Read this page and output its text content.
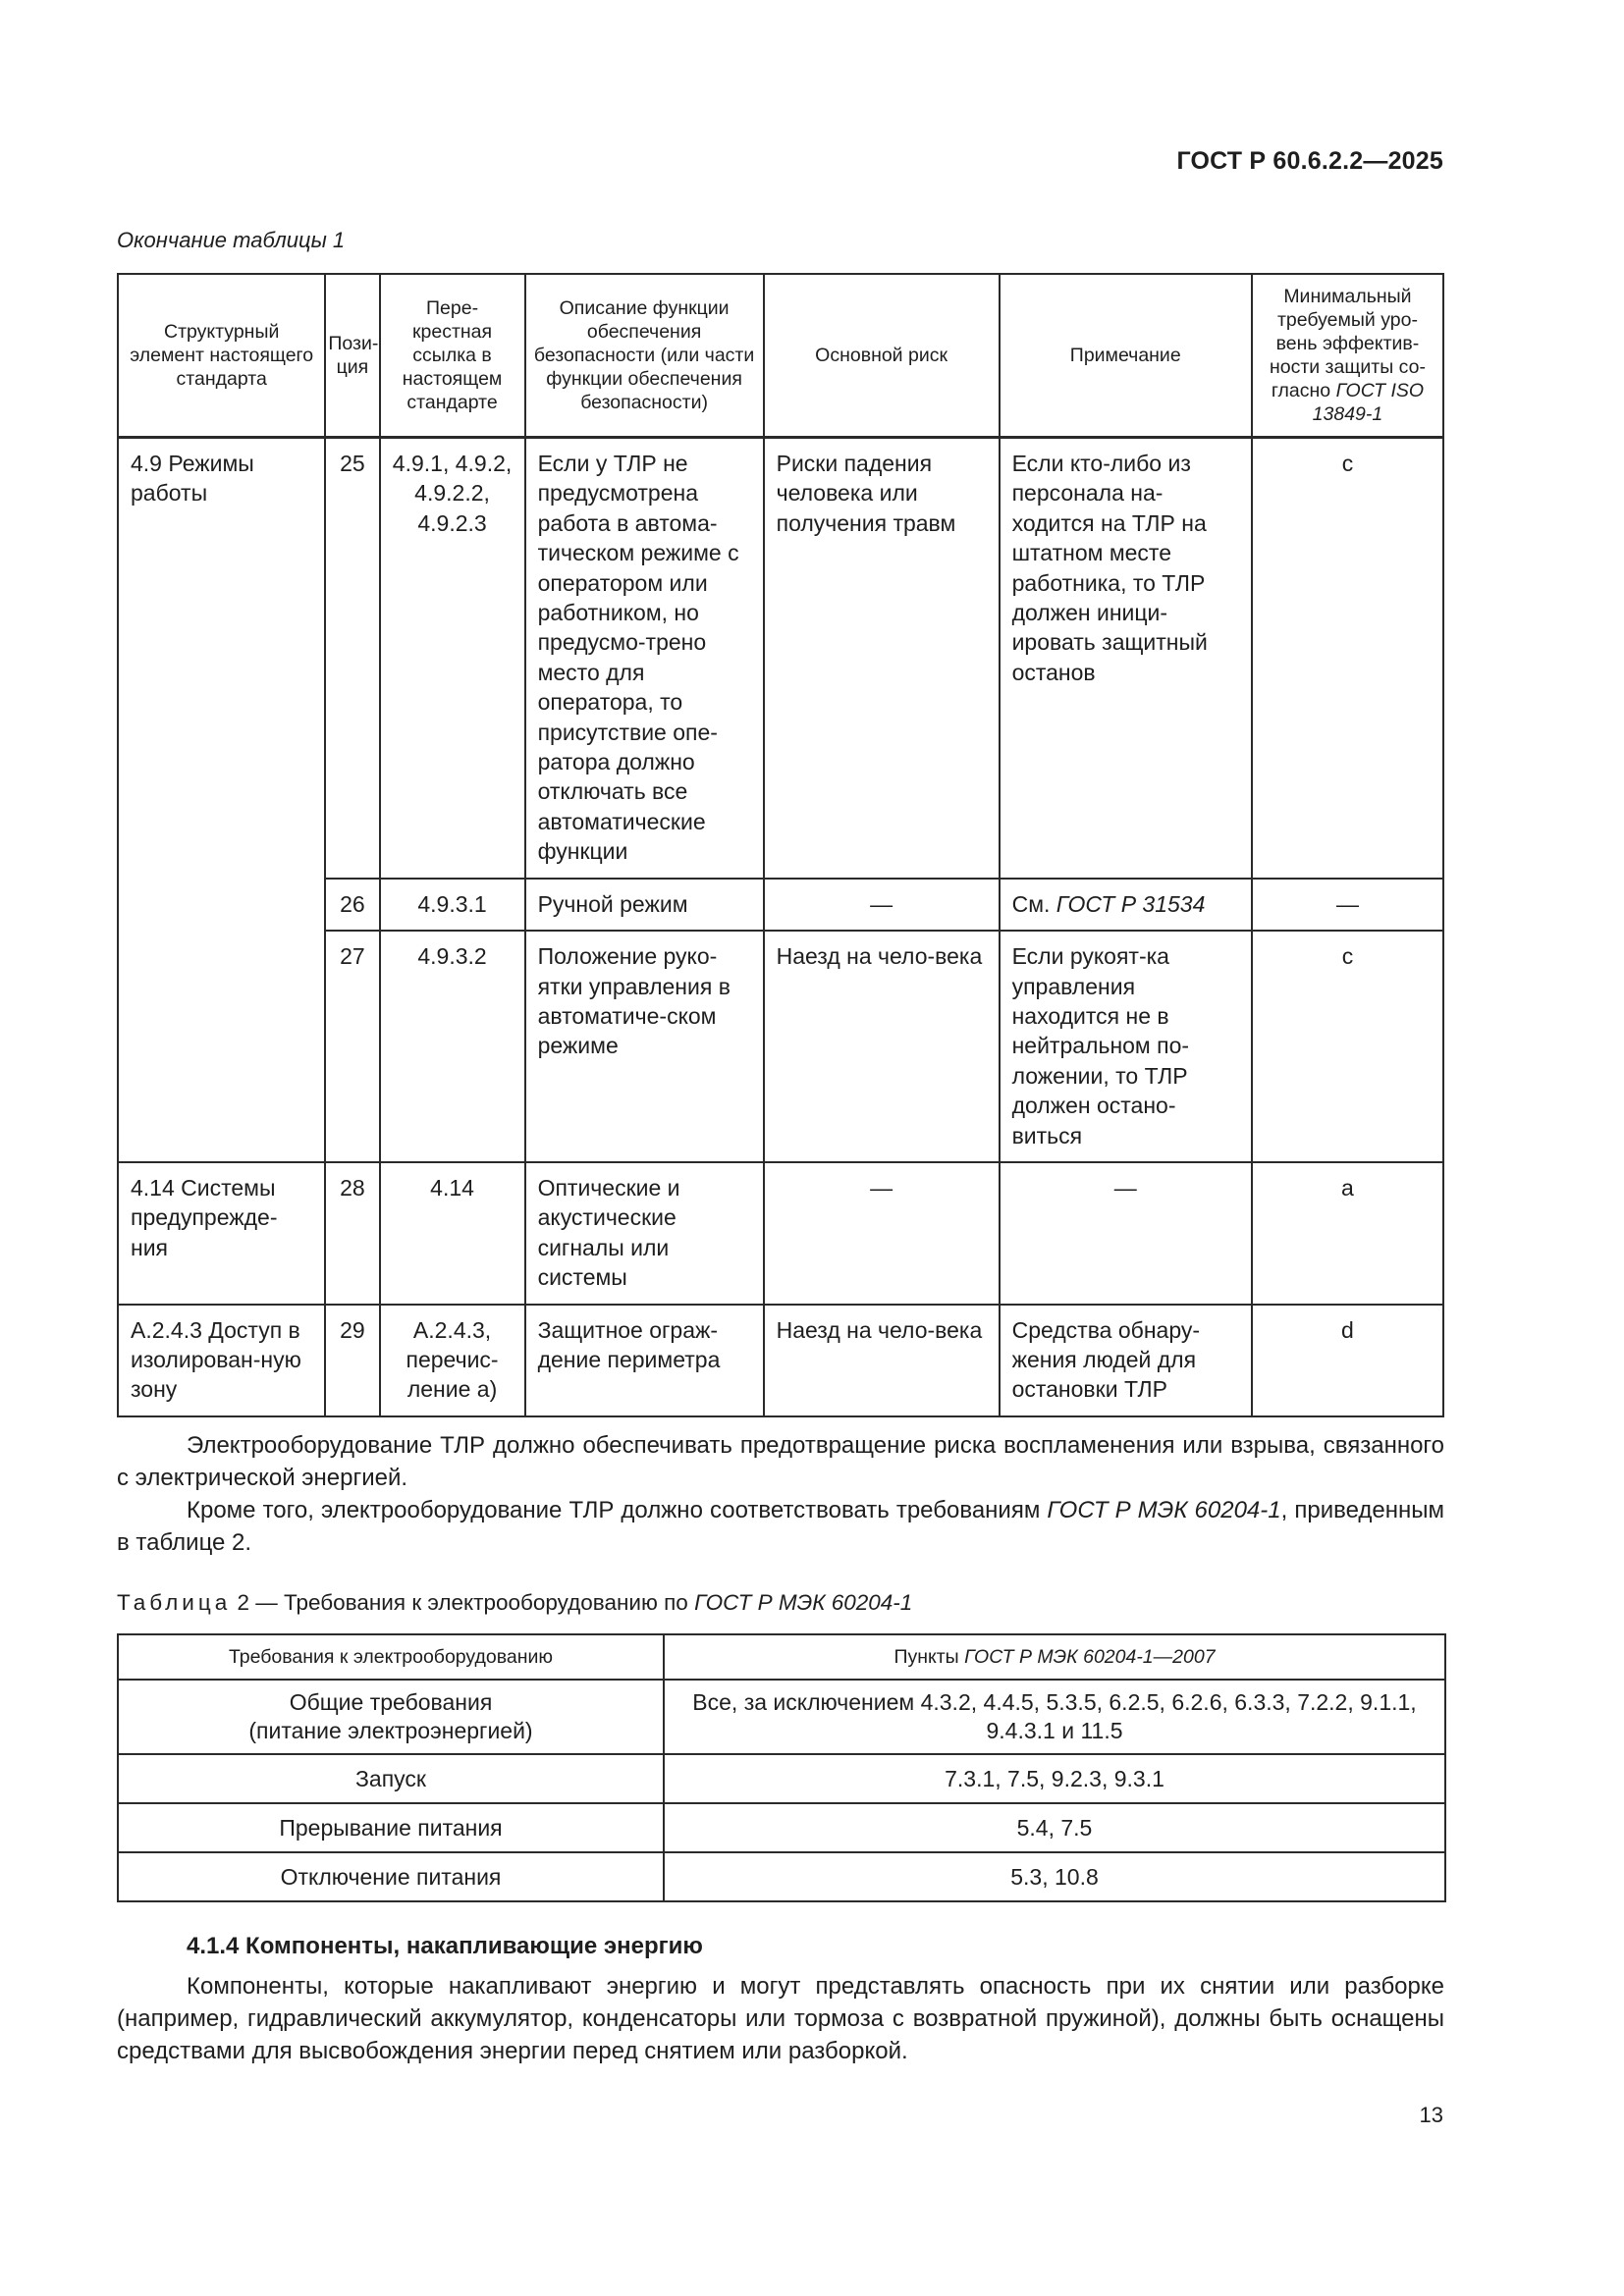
ГОСТ Р 60.6.2.2—2025
Окончание таблицы 1
Структурный элемент настоящего стандарта	Пози-ция	Пере-крестная ссылка в настоящем стандарте	Описание функции обеспечения безопасности (или части функции обеспечения безопасности)	Основной риск	Примечание	Минимальный требуемый уро-вень эффектив-ности защиты со-гласно ГОСТ ISO 13849-1
4.9 Режимы работы	25	4.9.1, 4.9.2, 4.9.2.2, 4.9.2.3	Если у ТЛР не предусмотрена работа в автома-тическом режиме с оператором или работником, но предусмо-трено место для оператора, то присутствие опе-ратора должно отключать все автоматические функции	Риски падения человека или получения травм	Если кто-либо из персонала на-ходится на ТЛР на штатном месте работника, то ТЛР должен иници-ировать защитный останов	с
	26	4.9.3.1	Ручной режим	—	См. ГОСТ Р 31534	—
	27	4.9.3.2	Положение руко-ятки управления в автоматиче-ском режиме	Наезд на чело-века	Если рукоят-ка управления находится не в нейтральном по-ложении, то ТЛР должен остано-виться	с
4.14 Системы предупрежде-ния	28	4.14	Оптические и акустические сигналы или системы	—	—	a
А.2.4.3 Доступ в изолирован-ную зону	29	А.2.4.3, перечис-ление а)	Защитное ограж-дение периметра	Наезд на чело-века	Средства обнару-жения людей для остановки ТЛР	d

Электрооборудование ТЛР должно обеспечивать предотвращение риска воспламенения или взрыва, связанного с электрической энергией.

Кроме того, электрооборудование ТЛР должно соответствовать требованиям ГОСТ Р МЭК 60204-1, приведенным в таблице 2.

Таблица 2 — Требования к электрооборудованию по ГОСТ Р МЭК 60204-1
Требования к электрооборудованию	Пункты ГОСТ Р МЭК 60204-1—2007

Общие требования
(питание электроэнергией)	Все, за исключением 4.3.2, 4.4.5, 5.3.5, 6.2.5, 6.2.6, 6.3.3, 7.2.2, 9.1.1, 9.4.3.1 и 11.5
Запуск	7.3.1, 7.5, 9.2.3, 9.3.1
Прерывание питания	5.4, 7.5
Отключение питания	5.3, 10.8
4.1.4 Компоненты, накапливающие энергию

Компоненты, которые накапливают энергию и могут представлять опасность при их снятии или разборке (например, гидравлический аккумулятор, конденсаторы или тормоза с возвратной пружиной), должны быть оснащены средствами для высвобождения энергии перед снятием или разборкой.

13
